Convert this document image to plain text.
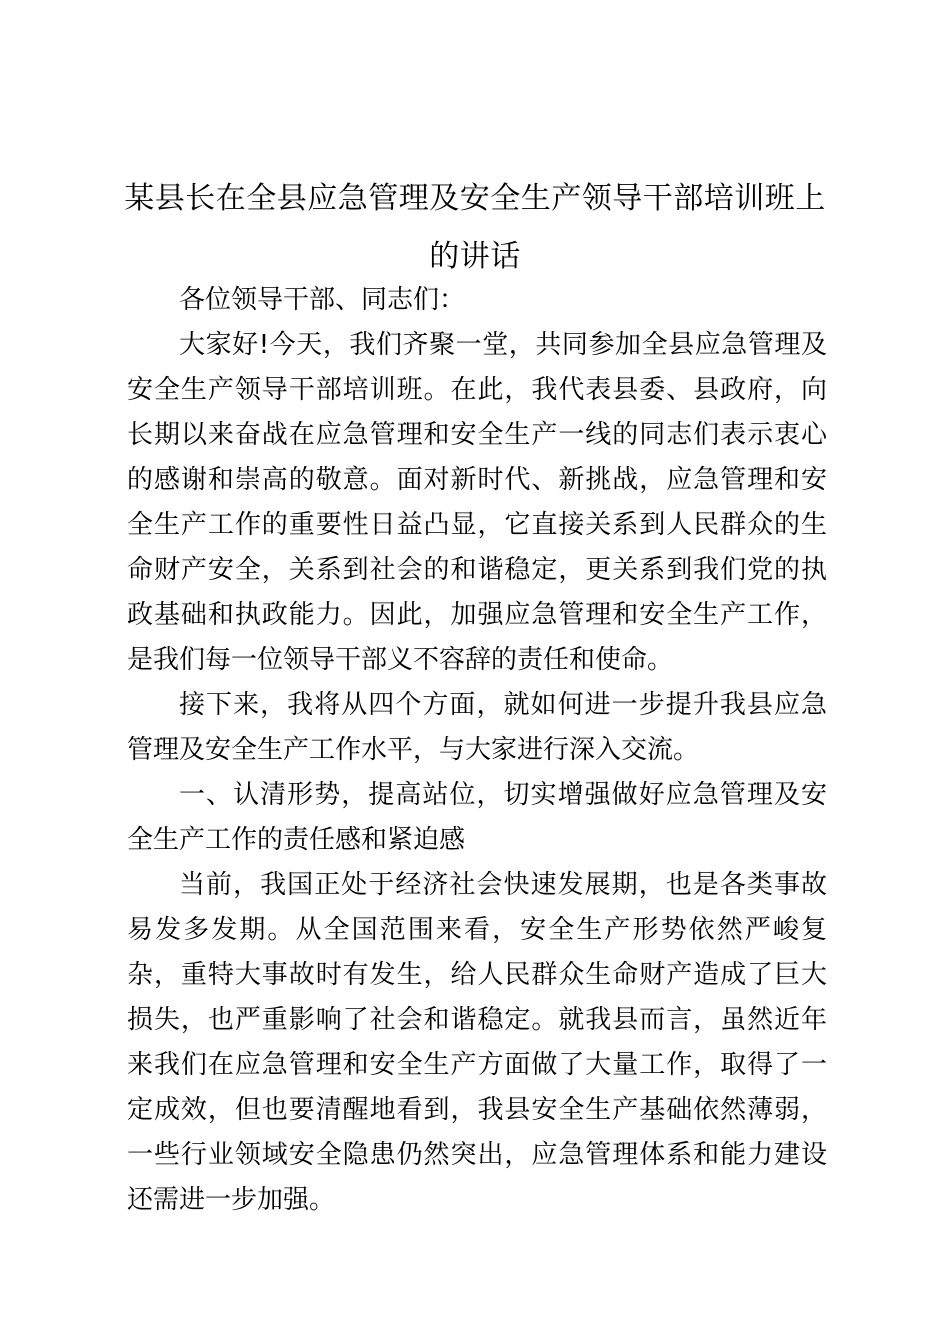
某县长在全县应急管理及安全生产领导干部培训班上的讲话

各位领导干部、同志们：

大家好!今天，我们齐聚一堂，共同参加全县应急管理及安全生产领导干部培训班。在此，我代表县委、县政府，向长期以来奋战在应急管理和安全生产一线的同志们表示衷心的感谢和崇高的敬意。面对新时代、新挑战，应急管理和安全生产工作的重要性日益凸显，它直接关系到人民群众的生命财产安全，关系到社会的和谐稳定，更关系到我们党的执政基础和执政能力。因此，加强应急管理和安全生产工作，是我们每一位领导干部义不容辞的责任和使命。

接下来，我将从四个方面，就如何进一步提升我县应急管理及安全生产工作水平，与大家进行深入交流。

一、认清形势，提高站位，切实增强做好应急管理及安全生产工作的责任感和紧迫感

当前，我国正处于经济社会快速发展期，也是各类事故易发多发期。从全国范围来看，安全生产形势依然严峻复杂，重特大事故时有发生，给人民群众生命财产造成了巨大损失，也严重影响了社会和谐稳定。就我县而言，虽然近年来我们在应急管理和安全生产方面做了大量工作，取得了一定成效，但也要清醒地看到，我县安全生产基础依然薄弱，一些行业领域安全隐患仍然突出，应急管理体系和能力建设还需进一步加强。
